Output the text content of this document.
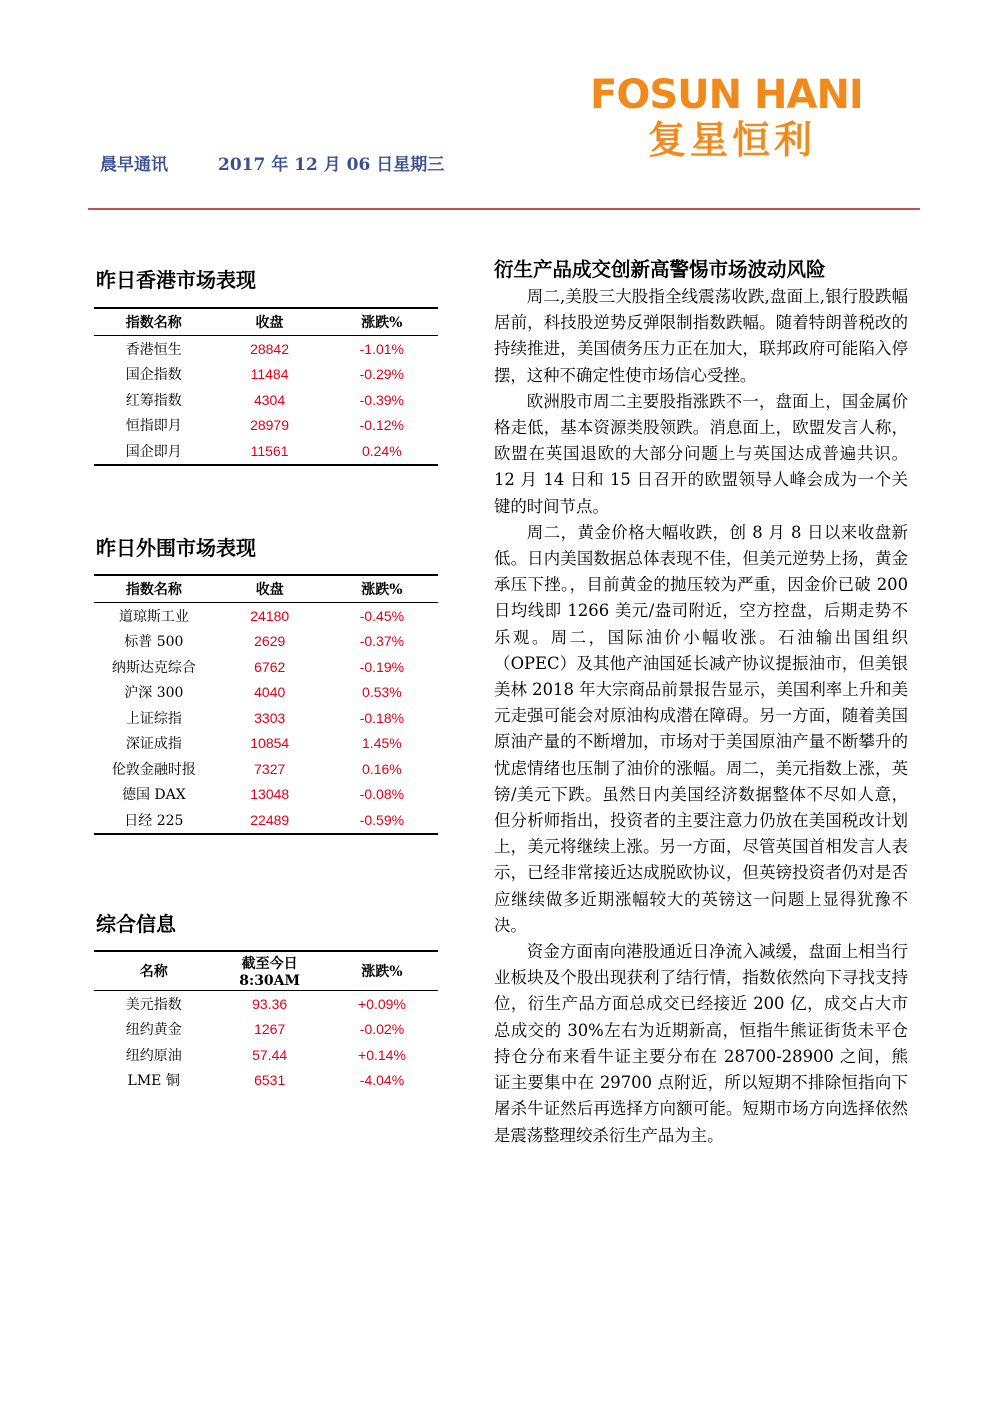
FOSUN HANI
复星恒利
晨早通讯	2017 年 12 月 06 日星期三
昨日香港市场表现
指数名称	收盘	涨跌%
香港恒生	28842	-1.01%
国企指数	11484	-0.29%
红筹指数	4304	-0.39%
恒指即月	28979	-0.12%
国企即月	11561	0.24%
昨日外围市场表现
指数名称	收盘	涨跌%
道琼斯工业	24180	-0.45%
标普 500	2629	-0.37%
纳斯达克综合	6762	-0.19%
沪深 300	4040	0.53%
上证综指	3303	-0.18%
深证成指	10854	1.45%
伦敦金融时报	7327	0.16%
德国 DAX	13048	-0.08%
日经 225	22489	-0.59%
综合信息
名称	截至今日 8:30AM	涨跌%
美元指数	93.36	+0.09%
纽约黄金	1267	-0.02%
纽约原油	57.44	+0.14%
LME 铜	6531	-4.04%
衍生产品成交创新高警惕市场波动风险

周二,美股三大股指全线震荡收跌,盘面上,银行股跌幅居前，科技股逆势反弹限制指数跌幅。随着特朗普税改的持续推进，美国债务压力正在加大，联邦政府可能陷入停摆，这种不确定性使市场信心受挫。

欧洲股市周二主要股指涨跌不一，盘面上，国金属价格走低，基本资源类股领跌。消息面上，欧盟发言人称，欧盟在英国退欧的大部分问题上与英国达成普遍共识。12 月 14 日和 15 日召开的欧盟领导人峰会成为一个关键的时间节点。

周二，黄金价格大幅收跌，创 8 月 8 日以来收盘新低。日内美国数据总体表现不佳，但美元逆势上扬，黄金承压下挫。，目前黄金的抛压较为严重，因金价已破 200 日均线即 1266 美元/盎司附近，空方控盘，后期走势不乐观。周二，国际油价小幅收涨。石油输出国组织（OPEC）及其他产油国延长减产协议提振油市，但美银美林 2018 年大宗商品前景报告显示，美国利率上升和美元走强可能会对原油构成潜在障碍。另一方面，随着美国原油产量的不断增加，市场对于美国原油产量不断攀升的忧虑情绪也压制了油价的涨幅。周二，美元指数上涨，英镑/美元下跌。虽然日内美国经济数据整体不尽如人意，但分析师指出，投资者的主要注意力仍放在美国税改计划上，美元将继续上涨。另一方面，尽管英国首相发言人表示，已经非常接近达成脱欧协议，但英镑投资者仍对是否应继续做多近期涨幅较大的英镑这一问题上显得犹豫不决。

资金方面南向港股通近日净流入减缓，盘面上相当行业板块及个股出现获利了结行情，指数依然向下寻找支持位，衍生产品方面总成交已经接近 200 亿，成交占大市总成交的 30%左右为近期新高，恒指牛熊证街货未平仓持仓分布来看牛证主要分布在 28700-28900 之间，熊证主要集中在 29700 点附近，所以短期不排除恒指向下屠杀牛证然后再选择方向额可能。短期市场方向选择依然是震荡整理绞杀衍生产品为主。
